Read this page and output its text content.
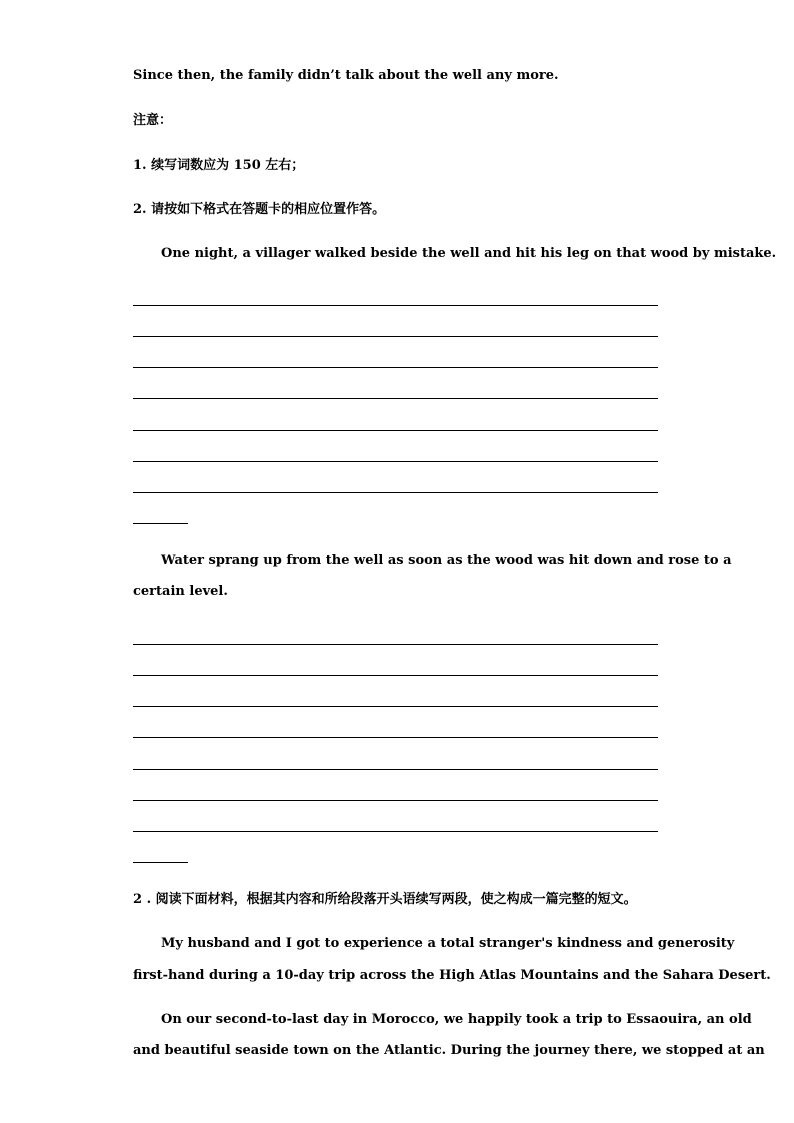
Since then, the family didn’t talk about the well any more.

注意：

1. 续写词数应为 150 左右；

2. 请按如下格式在答题卡的相应位置作答。

One night, a villager walked beside the well and hit his leg on that wood by mistake.

Water sprang up from the well as soon as the wood was hit down and rose to a

certain level.

2 . 阅读下面材料，根据其内容和所给段落开头语续写两段，使之构成一篇完整的短文。

My husband and I got to experience a total stranger's kindness and generosity

first-hand during a 10-day trip across the High Atlas Mountains and the Sahara Desert.

On our second-to-last day in Morocco, we happily took a trip to Essaouira, an old

and beautiful seaside town on the Atlantic. During the journey there, we stopped at an
